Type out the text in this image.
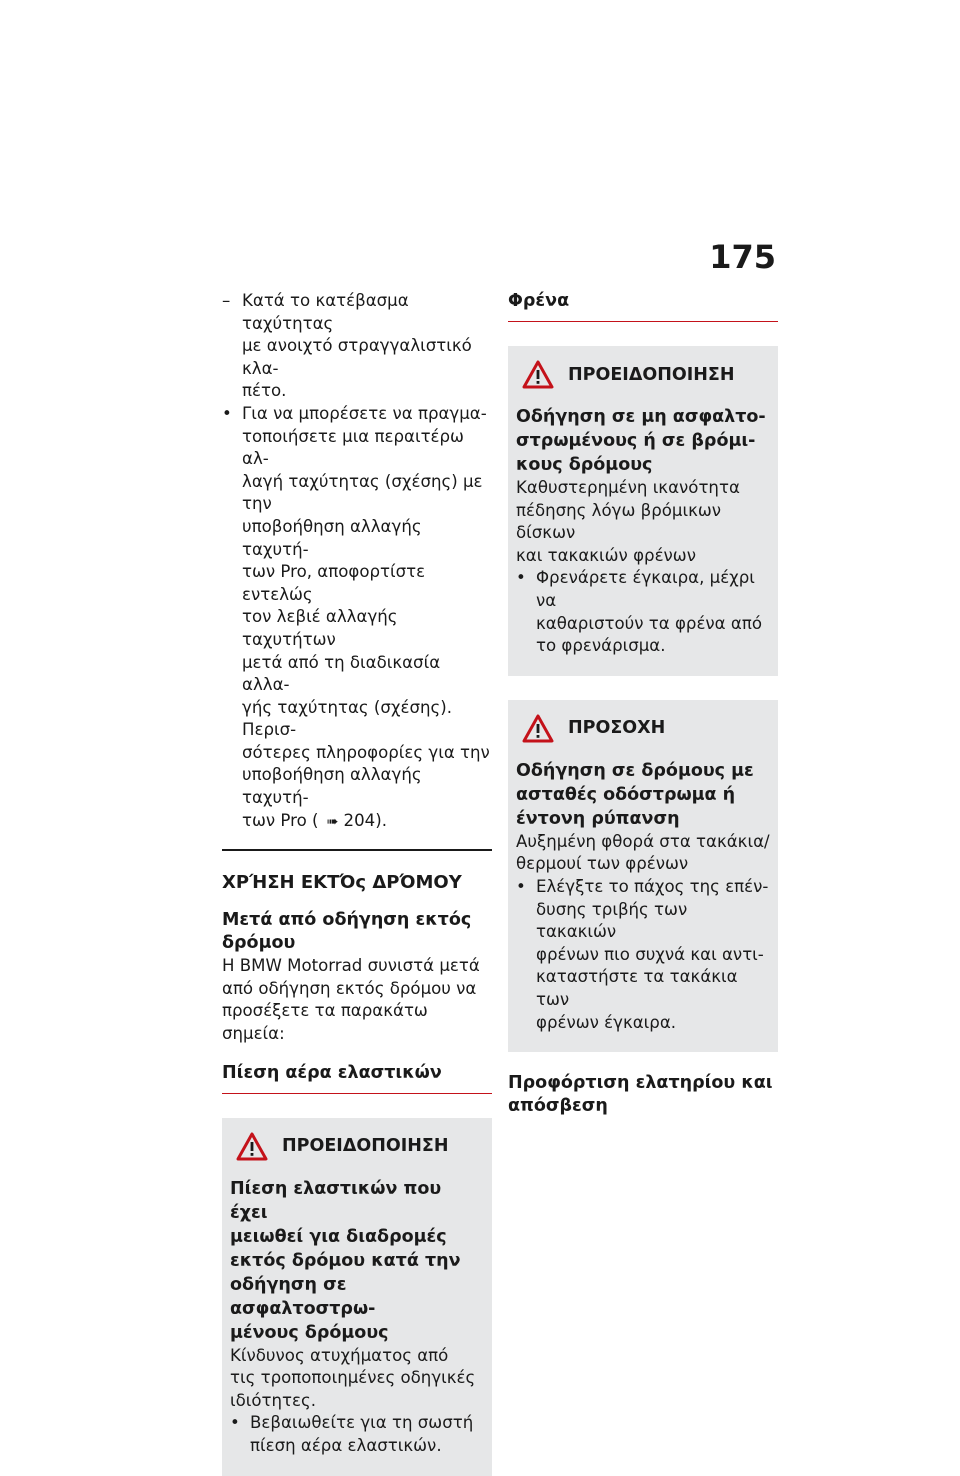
175
– Κατά το κατέβασμα ταχύτητας
με ανοιχτό στραγγαλιστικό κλα-
πέτο.
• Για να μπορέσετε να πραγμα-
τοποιήσετε μια περαιτέρω αλ-
λαγή ταχύτητας (σχέσης) με την
υποβοήθηση αλλαγής ταχυτή-
των Pro, αποφορτίστε εντελώς
τον λεβιέ αλλαγής ταχυτήτων
μετά από τη διαδικασία αλλα-
γής ταχύτητας (σχέσης). Περισ-
σότερες πληροφορίες για την
υποβοήθηση αλλαγής ταχυτή-
των Pro ( ➠ 204).
ΧΡΉΣΗ ΕΚΤΌς ΔΡΌΜΟΥ
Μετά από οδήγηση εκτός
δρόμου
Η BMW Motorrad συνιστά μετά
από οδήγηση εκτός δρόμου να
προσέξετε τα παρακάτω σημεία:
Πίεση αέρα ελαστικών
ΠΡΟΕΙΔΟΠΟΙΗΣΗ
Πίεση ελαστικών που έχει
μειωθεί για διαδρομές
εκτός δρόμου κατά την
οδήγηση σε ασφαλτοστρω-
μένους δρόμους
Κίνδυνος ατυχήματος από
τις τροποποιημένες οδηγικές
ιδιότητες.
• Βεβαιωθείτε για τη σωστή
πίεση αέρα ελαστικών.
Φρένα
ΠΡΟΕΙΔΟΠΟΙΗΣΗ
Οδήγηση σε μη ασφαλτο-
στρωμένους ή σε βρόμι-
κους δρόμους
Καθυστερημένη ικανότητα
πέδησης λόγω βρόμικων δίσκων
και τακακιών φρένων
• Φρενάρετε έγκαιρα, μέχρι να
καθαριστούν τα φρένα από
το φρενάρισμα.
ΠΡΟΣΟΧΗ
Οδήγηση σε δρόμους με
ασταθές οδόστρωμα ή
έντονη ρύπανση
Αυξημένη φθορά στα τακάκια/
θερμουί των φρένων
• Ελέγξτε το πάχος της επέν-
δυσης τριβής των τακακιών
φρένων πιο συχνά και αντι-
καταστήστε τα τακάκια των
φρένων έγκαιρα.
Προφόρτιση ελατηρίου και
απόσβεση
